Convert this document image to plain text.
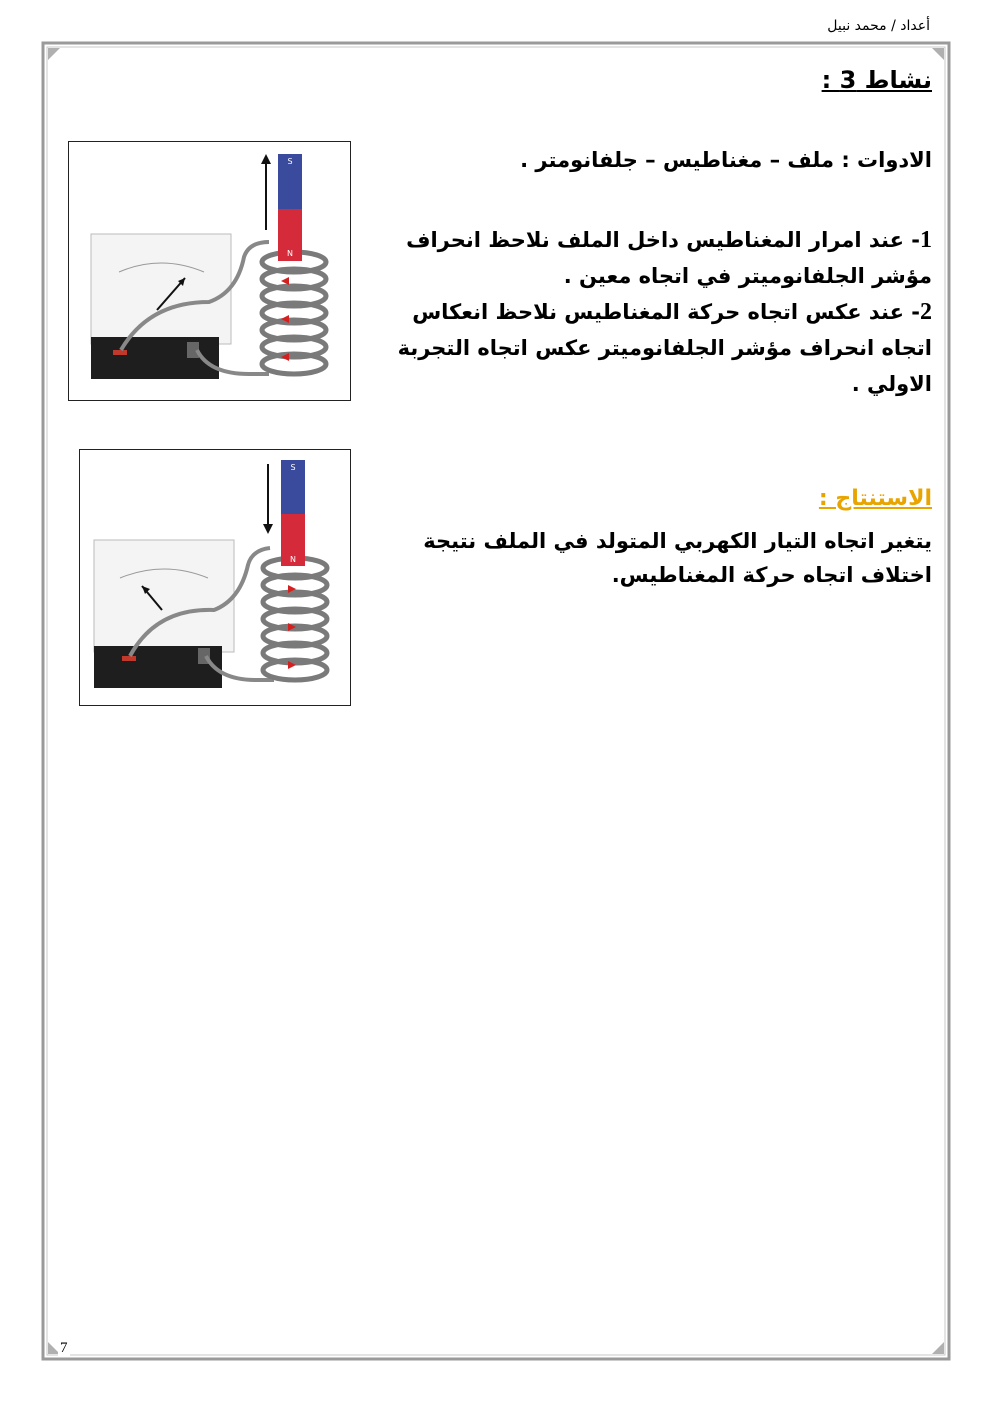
أعداد / محمد نبيل
نشاط 3 :
الادوات : ملف – مغناطيس – جلفانومتر .

1- عند امرار المغناطيس داخل الملف نلاحظ انحراف مؤشر الجلفانوميتر في اتجاه معين .

2- عند عكس اتجاه حركة المغناطيس نلاحظ انعكاس اتجاه انحراف مؤشر الجلفانوميتر عكس اتجاه التجربة الاولي .

الاستنتاج :
يتغير اتجاه التيار الكهربي المتولد في الملف نتيجة اختلاف اتجاه حركة المغناطيس.
S
N
S
N
7
